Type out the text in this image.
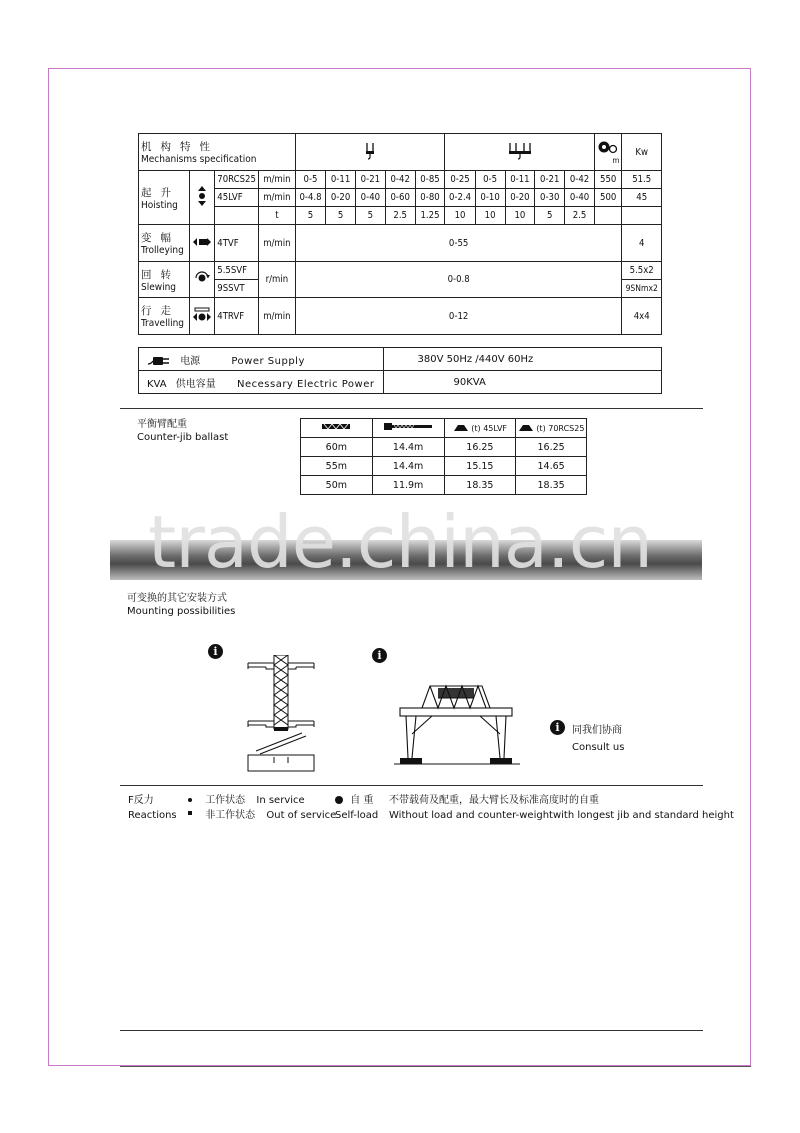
机 构 特 性
Mechanisms specification														m	Kw

起 升
Hoisting		70RCS25	m/min	0-5	0-11	0-21	0-42	0-85	0-25	0-5	0-11	0-21	0-42	550	51.5
		45LVF	m/min	0-4.8	0-20	0-40	0-60	0-80	0-2.4	0-10	0-20	0-30	0-40	500	45
			t	5	5	5	2.5	1.25	10	10	10	5	2.5		

变 幅
Trolleying		4TVF	m/min	0-55											4

回 转
Slewing		5.5SVF	r/min	0-0.8											5.5x2
		9SSVT													9SNmx2

行 走
Travelling		4TRVF	m/min	0-12											4x4
电源 Power Supply	380V 50Hz /440V 60Hz
KVA 供电容量 Necessary Electric Power	90KVA
平衡臂配重
Counter-jib ballast
		(t) 45LVF	(t) 70RCS25
60m	14.4m	16.25	16.25
55m	14.4m	15.15	14.65
50m	11.9m	18.35	18.35
trade.china.cn
可变换的其它安装方式
Mounting possibilities
i	i
i	同我们协商
Consult us
F反力
Reactions
工作状态 In service
非工作状态 Out of service
自 重
Self-load
不带载荷及配重，最大臂长及标准高度时的自重
Without load and counter-weightwith longest jib and standard height
